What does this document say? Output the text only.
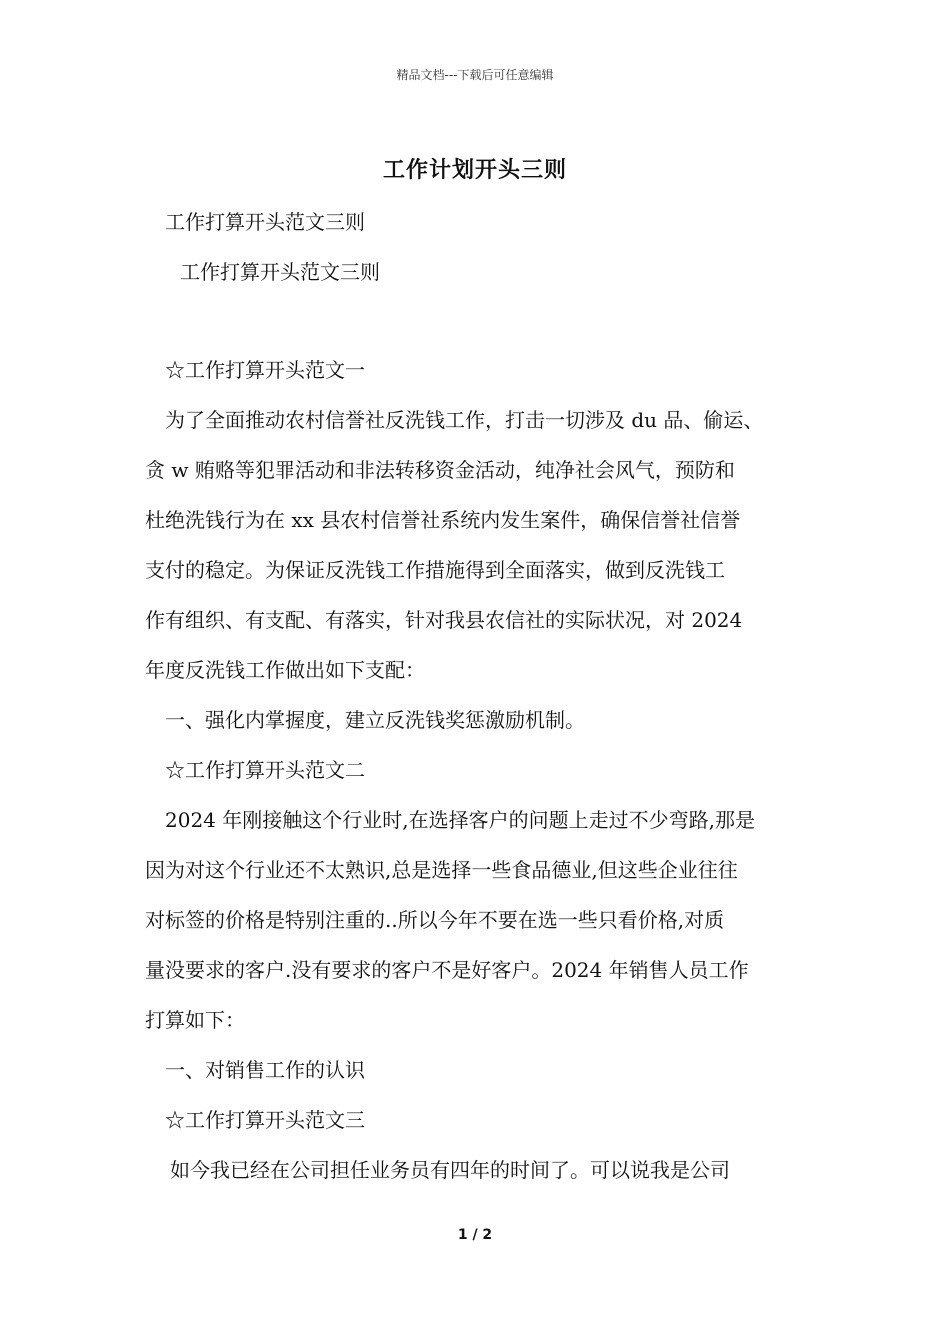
精品文档---下载后可任意编辑
工作计划开头三则
工作打算开头范文三则
工作打算开头范文三则
☆工作打算开头范文一
为了全面推动农村信誉社反洗钱工作，打击一切涉及 du 品、偷运、
贪 w 贿赂等犯罪活动和非法转移资金活动，纯净社会风气，预防和
杜绝洗钱行为在 xx 县农村信誉社系统内发生案件，确保信誉社信誉
支付的稳定。为保证反洗钱工作措施得到全面落实，做到反洗钱工
作有组织、有支配、有落实，针对我县农信社的实际状况，对 2024
年度反洗钱工作做出如下支配：
一、强化内掌握度，建立反洗钱奖惩激励机制。
☆工作打算开头范文二
2024 年刚接触这个行业时,在选择客户的问题上走过不少弯路,那是
因为对这个行业还不太熟识,总是选择一些食品德业,但这些企业往往
对标签的价格是特别注重的..所以今年不要在选一些只看价格,对质
量没要求的客户.没有要求的客户不是好客户。2024 年销售人员工作
打算如下：
一、对销售工作的认识
☆工作打算开头范文三
如今我已经在公司担任业务员有四年的时间了。可以说我是公司
1 / 2
